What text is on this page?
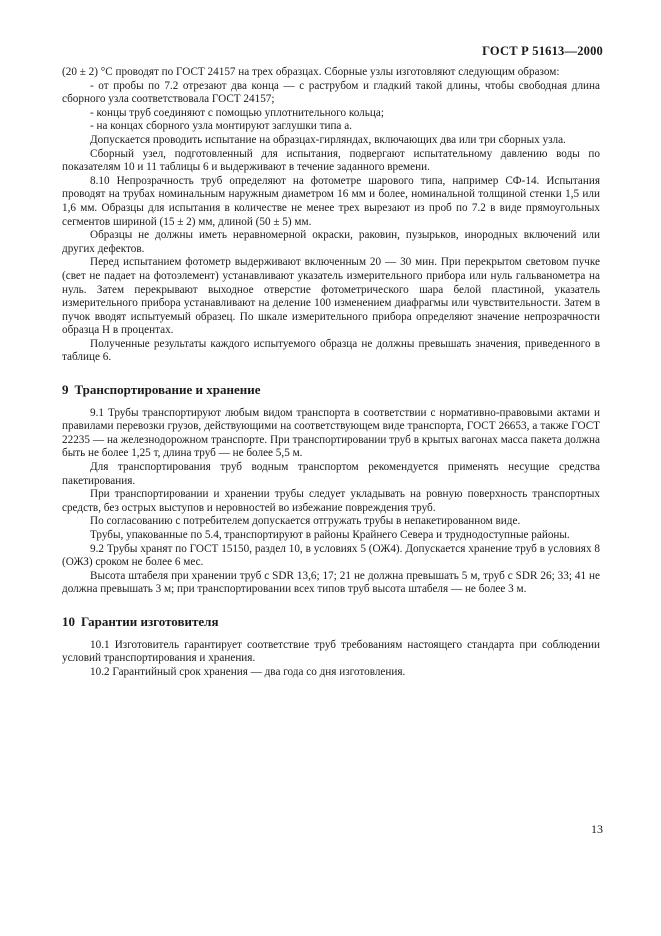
ГОСТ Р 51613—2000

(20 ± 2) °С проводят по ГОСТ 24157 на трех образцах. Сборные узлы изготовляют следующим образом:

- от пробы по 7.2 отрезают два конца — с раструбом и гладкий такой длины, чтобы свободная длина сборного узла соответствовала ГОСТ 24157;

- концы труб соединяют с помощью уплотнительного кольца;

- на концах сборного узла монтируют заглушки типа а.

Допускается проводить испытание на образцах-гирляндах, включающих два или три сборных узла.

Сборный узел, подготовленный для испытания, подвергают испытательному давлению воды по показателям 10 и 11 таблицы 6 и выдерживают в течение заданного времени.

8.10 Непрозрачность труб определяют на фотометре шарового типа, например СФ-14. Испытания проводят на трубах номинальным наружным диаметром 16 мм и более, номинальной толщиной стенки 1,5 или 1,6 мм. Образцы для испытания в количестве не менее трех вырезают из проб по 7.2 в виде прямоугольных сегментов шириной (15 ± 2) мм, длиной (50 ± 5) мм.

Образцы не должны иметь неравномерной окраски, раковин, пузырьков, инородных включений или других дефектов.

Перед испытанием фотометр выдерживают включенным 20 — 30 мин. При перекрытом световом пучке (свет не падает на фотоэлемент) устанавливают указатель измерительного прибора или нуль гальванометра на нуль. Затем перекрывают выходное отверстие фотометрического шара белой пластиной, указатель измерительного прибора устанавливают на деление 100 изменением диафрагмы или чувствительности. Затем в пучок вводят испытуемый образец. По шкале измерительного прибора определяют значение непрозрачности образца H в процентах.

Полученные результаты каждого испытуемого образца не должны превышать значения, приведенного в таблице 6.

9 Транспортирование и хранение

9.1 Трубы транспортируют любым видом транспорта в соответствии с нормативно-правовыми актами и правилами перевозки грузов, действующими на соответствующем виде транспорта, ГОСТ 26653, а также ГОСТ 22235 — на железнодорожном транспорте. При транспортировании труб в крытых вагонах масса пакета должна быть не более 1,25 т, длина труб — не более 5,5 м.

Для транспортирования труб водным транспортом рекомендуется применять несущие средства пакетирования.

При транспортировании и хранении трубы следует укладывать на ровную поверхность транспортных средств, без острых выступов и неровностей во избежание повреждения труб.

По согласованию с потребителем допускается отгружать трубы в непакетированном виде.

Трубы, упакованные по 5.4, транспортируют в районы Крайнего Севера и труднодоступные районы.

9.2 Трубы хранят по ГОСТ 15150, раздел 10, в условиях 5 (ОЖ4). Допускается хранение труб в условиях 8 (ОЖЗ) сроком не более 6 мес.

Высота штабеля при хранении труб с SDR 13,6; 17; 21 не должна превышать 5 м, труб с SDR 26; 33; 41 не должна превышать 3 м; при транспортировании всех типов труб высота штабеля — не более 3 м.

10 Гарантии изготовителя

10.1 Изготовитель гарантирует соответствие труб требованиям настоящего стандарта при соблюдении условий транспортирования и хранения.

10.2 Гарантийный срок хранения — два года со дня изготовления.

13
